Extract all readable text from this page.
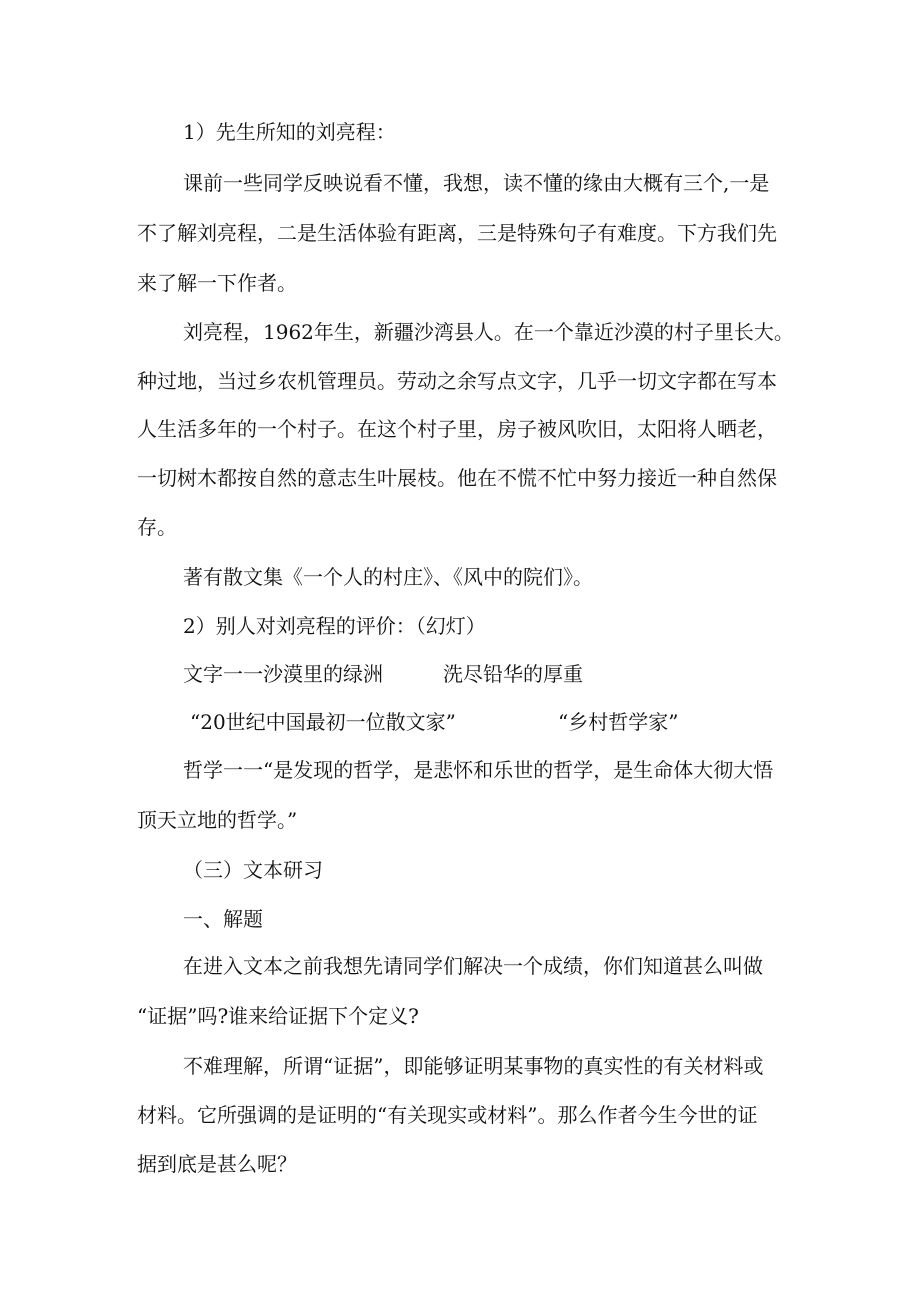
1）先生所知的刘亮程：
课前一些同学反映说看不懂，我想，读不懂的缘由大概有三个,一是
不了解刘亮程，二是生活体验有距离，三是特殊句子有难度。下方我们先
来了解一下作者。
刘亮程，1962年生，新疆沙湾县人。在一个靠近沙漠的村子里长大。
种过地，当过乡农机管理员。劳动之余写点文字，几乎一切文字都在写本
人生活多年的一个村子。在这个村子里，房子被风吹旧，太阳将人晒老，
一切树木都按自然的意志生叶展枝。他在不慌不忙中努力接近一种自然保
存。
著有散文集《一个人的村庄》、《风中的院们》。
2）别人对刘亮程的评价：（幻灯）
文字一一沙漠里的绿洲	洗尽铅华的厚重
“20世纪中国最初一位散文家”	“乡村哲学家”
哲学一一“是发现的哲学，是悲怀和乐世的哲学，是生命体大彻大悟
顶天立地的哲学。”
（三）文本研习
一、解题
在进入文本之前我想先请同学们解决一个成绩，你们知道甚么叫做
“证据”吗?谁来给证据下个定义?
不难理解，所谓“证据”，即能够证明某事物的真实性的有关材料或
材料。它所强调的是证明的“有关现实或材料”。那么作者今生今世的证
据到底是甚么呢？
